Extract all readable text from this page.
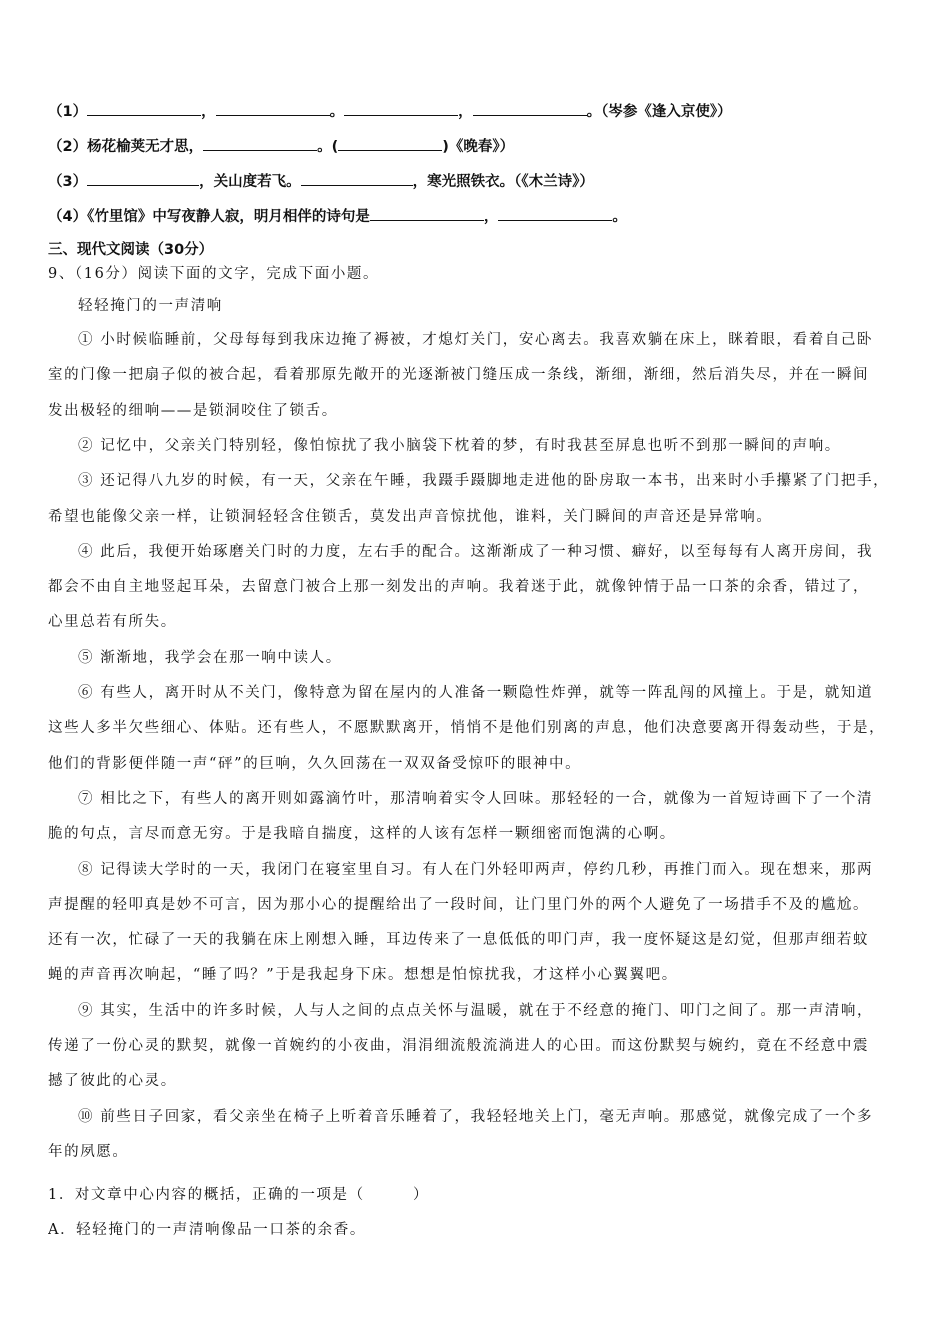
（1）	，	。	，	。（岑参《逢入京使》）
（2）杨花榆荚无才思，	。(	)《晚春》）
（3）	，关山度若飞。	，寒光照铁衣。（《木兰诗》）
（4）《竹里馆》中写夜静人寂，明月相伴的诗句是	，	。
三、现代文阅读（30分）
9、（16分）阅读下面的文字，完成下面小题。
轻轻掩门的一声清响
① 小时候临睡前，父母每每到我床边掩了褥被，才熄灯关门，安心离去。我喜欢躺在床上，眯着眼，看着自己卧
室的门像一把扇子似的被合起，看着那原先敞开的光逐渐被门缝压成一条线，渐细，渐细，然后消失尽，并在一瞬间
发出极轻的细响——是锁洞咬住了锁舌。
② 记忆中，父亲关门特别轻，像怕惊扰了我小脑袋下枕着的梦，有时我甚至屏息也听不到那一瞬间的声响。
③ 还记得八九岁的时候，有一天，父亲在午睡，我蹑手蹑脚地走进他的卧房取一本书，出来时小手攥紧了门把手，
希望也能像父亲一样，让锁洞轻轻含住锁舌，莫发出声音惊扰他，谁料，关门瞬间的声音还是异常响。
④ 此后，我便开始琢磨关门时的力度，左右手的配合。这渐渐成了一种习惯、癖好，以至每每有人离开房间，我
都会不由自主地竖起耳朵，去留意门被合上那一刻发出的声响。我着迷于此，就像钟情于品一口茶的余香，错过了，
心里总若有所失。
⑤ 渐渐地，我学会在那一响中读人。
⑥ 有些人，离开时从不关门，像特意为留在屋内的人准备一颗隐性炸弹，就等一阵乱闯的风撞上。于是，就知道
这些人多半欠些细心、体贴。还有些人，不愿默默离开，悄悄不是他们别离的声息，他们决意要离开得轰动些，于是，
他们的背影便伴随一声“砰”的巨响，久久回荡在一双双备受惊吓的眼神中。
⑦ 相比之下，有些人的离开则如露滴竹叶，那清响着实令人回味。那轻轻的一合，就像为一首短诗画下了一个清
脆的句点，言尽而意无穷。于是我暗自揣度，这样的人该有怎样一颗细密而饱满的心啊。
⑧ 记得读大学时的一天，我闭门在寝室里自习。有人在门外轻叩两声，停约几秒，再推门而入。现在想来，那两
声提醒的轻叩真是妙不可言，因为那小心的提醒给出了一段时间，让门里门外的两个人避免了一场措手不及的尴尬。
还有一次，忙碌了一天的我躺在床上刚想入睡，耳边传来了一息低低的叩门声，我一度怀疑这是幻觉，但那声细若蚊
蝇的声音再次响起，“睡了吗？”于是我起身下床。想想是怕惊扰我，才这样小心翼翼吧。
⑨ 其实，生活中的许多时候，人与人之间的点点关怀与温暖，就在于不经意的掩门、叩门之间了。那一声清响，
传递了一份心灵的默契，就像一首婉约的小夜曲，涓涓细流般流淌进人的心田。而这份默契与婉约，竟在不经意中震
撼了彼此的心灵。
⑩ 前些日子回家，看父亲坐在椅子上听着音乐睡着了，我轻轻地关上门，毫无声响。那感觉，就像完成了一个多
年的夙愿。
1．对文章中心内容的概括，正确的一项是（　　　）
A．轻轻掩门的一声清响像品一口茶的余香。
